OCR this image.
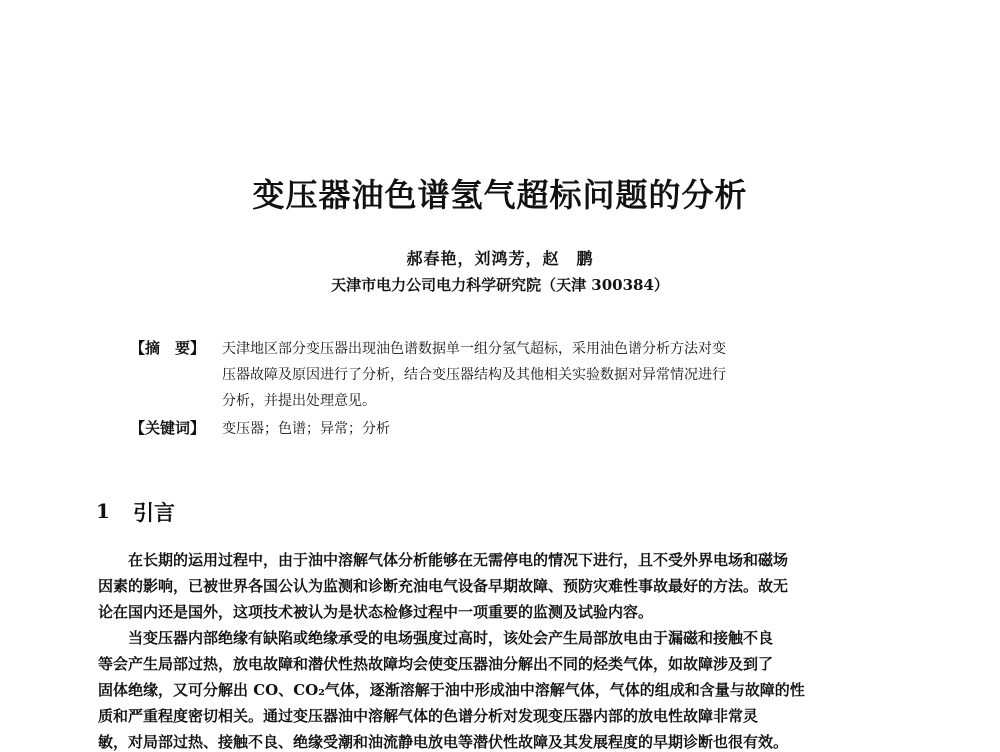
变压器油色谱氢气超标问题的分析
郝春艳，刘鸿芳，赵　鹏
天津市电力公司电力科学研究院（天津 300384）
【摘　要】 天津地区部分变压器出现油色谱数据单一组分氢气超标，采用油色谱分析方法对变
压器故障及原因进行了分析，结合变压器结构及其他相关实验数据对异常情况进行
分析，并提出处理意见。
【关键词】 变压器；色谱；异常；分析
1 引言
在长期的运用过程中，由于油中溶解气体分析能够在无需停电的情况下进行，且不受外界电场和磁场
因素的影响，已被世界各国公认为监测和诊断充油电气设备早期故障、预防灾难性事故最好的方法。故无
论在国内还是国外，这项技术被认为是状态检修过程中一项重要的监测及试验内容。
当变压器内部绝缘有缺陷或绝缘承受的电场强度过高时，该处会产生局部放电由于漏磁和接触不良
等会产生局部过热，放电故障和潜伏性热故障均会使变压器油分解出不同的烃类气体，如故障涉及到了
固体绝缘，又可分解出 CO、CO₂气体，逐渐溶解于油中形成油中溶解气体，气体的组成和含量与故障的性
质和严重程度密切相关。通过变压器油中溶解气体的色谱分析对发现变压器内部的放电性故障非常灵
敏，对局部过热、接触不良、绝缘受潮和油流静电放电等潜伏性故障及其发展程度的早期诊断也很有效。
